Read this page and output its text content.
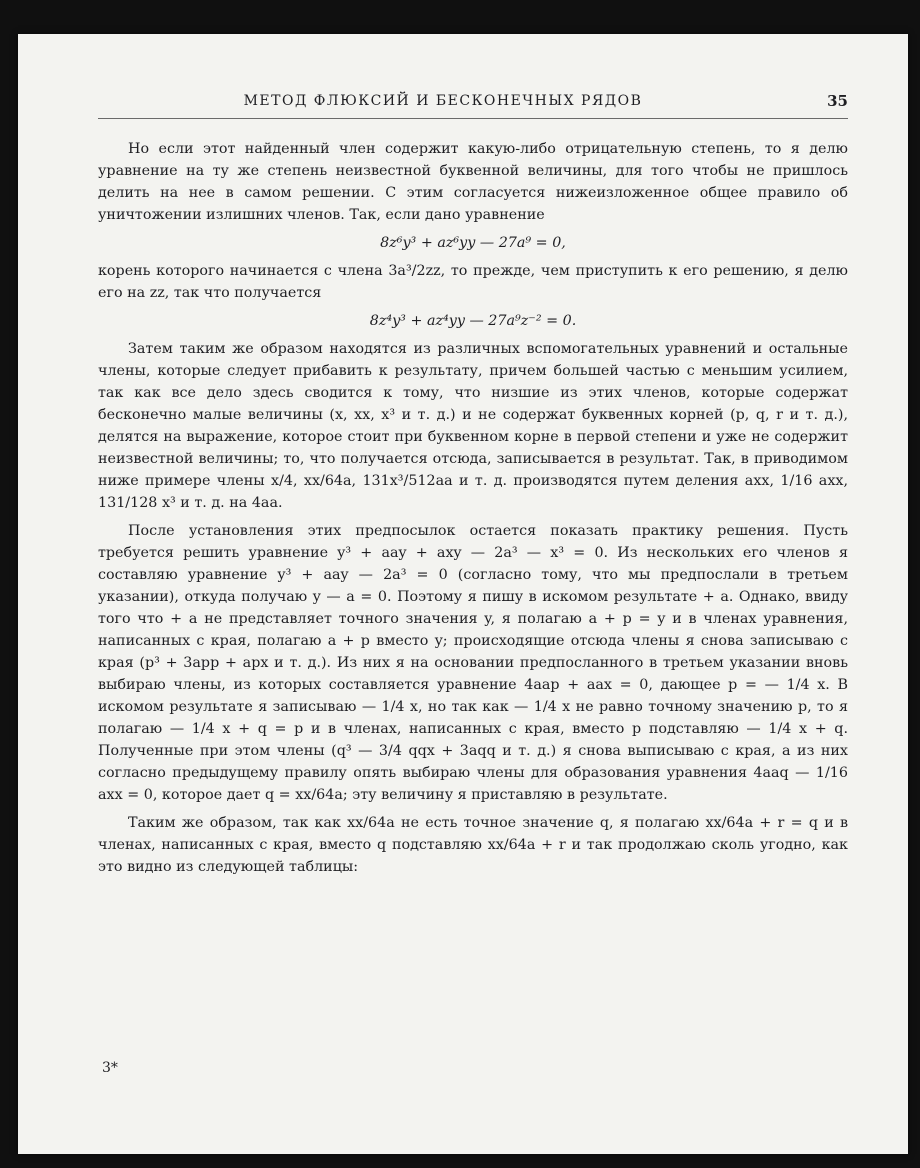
МЕТОД ФЛЮКСИЙ И БЕСКОНЕЧНЫХ РЯДОВ	35

Но если этот найденный член содержит какую-либо отрицательную степень, то я делю уравнение на ту же степень неизвестной буквенной величины, для того чтобы не пришлось делить на нее в самом решении. С этим согласуется нижеизложенное общее правило об уничтожении излишних членов. Так, если дано уравнение

8z⁶y³ + az⁶yy — 27a⁹ = 0,

корень которого начинается с члена 3a³/2zz, то прежде, чем приступить к его решению, я делю его на zz, так что получается

8z⁴y³ + az⁴yy — 27a⁹z⁻² = 0.

Затем таким же образом находятся из различных вспомогательных уравнений и остальные члены, которые следует прибавить к результату, причем большей частью с меньшим усилием, так как все дело здесь сводится к тому, что низшие из этих членов, которые содержат бесконечно малые величины (x, xx, x³ и т. д.) и не содержат буквенных корней (p, q, r и т. д.), делятся на выражение, которое стоит при буквенном корне в первой степени и уже не содержит неизвестной величины; то, что получается отсюда, записывается в результат. Так, в приводимом ниже примере члены x/4, xx/64a, 131x³/512aa и т. д. производятся путем деления axx, 1/16 axx, 131/128 x³ и т. д. на 4aa.

После установления этих предпосылок остается показать практику решения. Пусть требуется решить уравнение y³ + aay + axy — 2a³ — x³ = 0. Из нескольких его членов я составляю уравнение y³ + aay — 2a³ = 0 (согласно тому, что мы предпослали в третьем указании), откуда получаю y — a = 0. Поэтому я пишу в искомом результате + a. Однако, ввиду того что + a не представляет точного значения y, я полагаю a + p = y и в членах уравнения, написанных с края, полагаю a + p вместо y; происходящие отсюда члены я снова записываю с края (p³ + 3app + apx и т. д.). Из них я на основании предпосланного в третьем указании вновь выбираю члены, из которых составляется уравнение 4aap + aax = 0, дающее p = — 1/4 x. В искомом результате я записываю — 1/4 x, но так как — 1/4 x не равно точному значению p, то я полагаю — 1/4 x + q = p и в членах, написанных с края, вместо p подставляю — 1/4 x + q. Полученные при этом члены (q³ — 3/4 qqx + 3aqq и т. д.) я снова выписываю с края, а из них согласно предыдущему правилу опять выбираю члены для образования уравнения 4aaq — 1/16 axx = 0, которое дает q = xx/64a; эту величину я приставляю в результате.

Таким же образом, так как xx/64a не есть точное значение q, я полагаю xx/64a + r = q и в членах, написанных с края, вместо q подставляю xx/64a + r и так продолжаю сколь угодно, как это видно из следующей таблицы:

3*
